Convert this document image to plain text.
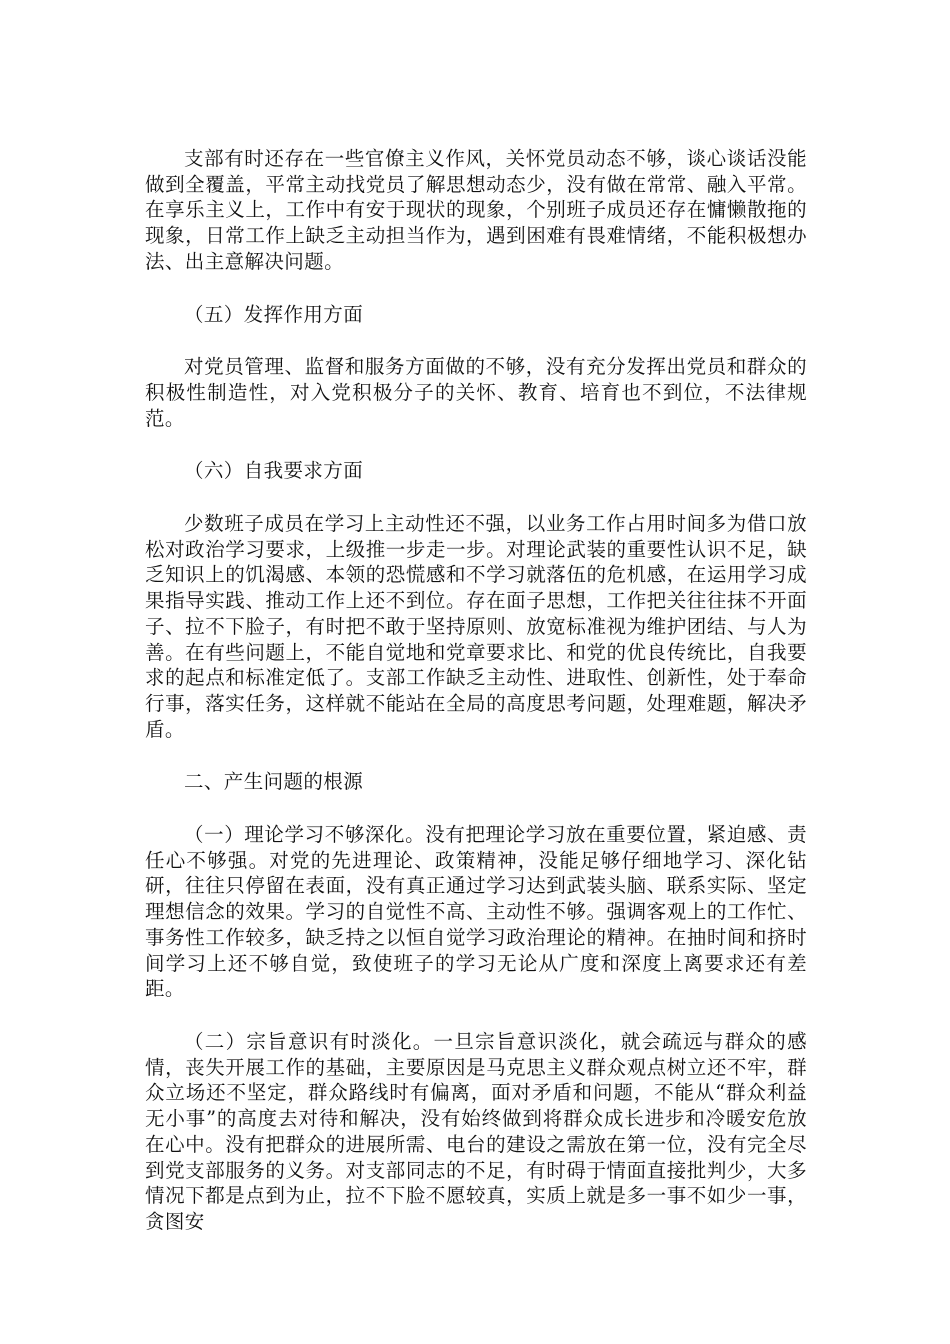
支部有时还存在一些官僚主义作风，关怀党员动态不够，谈心谈话没能做到全覆盖，平常主动找党员了解思想动态少，没有做在常常、融入平常。在享乐主义上，工作中有安于现状的现象，个别班子成员还存在慵懒散拖的现象，日常工作上缺乏主动担当作为，遇到困难有畏难情绪，不能积极想办法、出主意解决问题。

（五）发挥作用方面

对党员管理、监督和服务方面做的不够，没有充分发挥出党员和群众的积极性制造性，对入党积极分子的关怀、教育、培育也不到位，不法律规范。

（六）自我要求方面

少数班子成员在学习上主动性还不强，以业务工作占用时间多为借口放松对政治学习要求，上级推一步走一步。对理论武装的重要性认识不足，缺乏知识上的饥渴感、本领的恐慌感和不学习就落伍的危机感，在运用学习成果指导实践、推动工作上还不到位。存在面子思想，工作把关往往抹不开面子、拉不下脸子，有时把不敢于坚持原则、放宽标准视为维护团结、与人为善。在有些问题上，不能自觉地和党章要求比、和党的优良传统比，自我要求的起点和标准定低了。支部工作缺乏主动性、进取性、创新性，处于奉命行事，落实任务，这样就不能站在全局的高度思考问题，处理难题，解决矛盾。

二、产生问题的根源

（一）理论学习不够深化。没有把理论学习放在重要位置，紧迫感、责任心不够强。对党的先进理论、政策精神，没能足够仔细地学习、深化钻研，往往只停留在表面，没有真正通过学习达到武装头脑、联系实际、坚定理想信念的效果。学习的自觉性不高、主动性不够。强调客观上的工作忙、事务性工作较多，缺乏持之以恒自觉学习政治理论的精神。在抽时间和挤时间学习上还不够自觉，致使班子的学习无论从广度和深度上离要求还有差距。

（二）宗旨意识有时淡化。一旦宗旨意识淡化，就会疏远与群众的感情，丧失开展工作的基础，主要原因是马克思主义群众观点树立还不牢，群众立场还不坚定，群众路线时有偏离，面对矛盾和问题，不能从“群众利益无小事”的高度去对待和解决，没有始终做到将群众成长进步和冷暖安危放在心中。没有把群众的进展所需、电台的建设之需放在第一位，没有完全尽到党支部服务的义务。对支部同志的不足，有时碍于情面直接批判少，大多情况下都是点到为止，拉不下脸不愿较真，实质上就是多一事不如少一事，贪图安
